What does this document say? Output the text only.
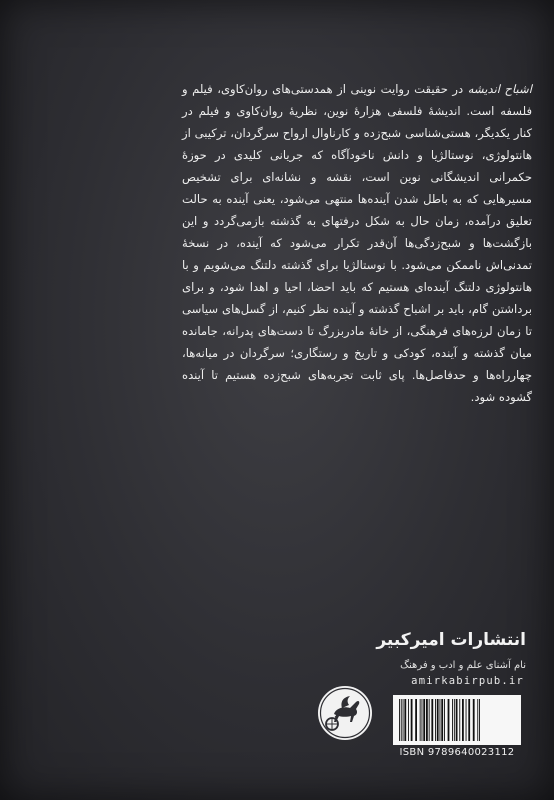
اشباح اندیشه در حقیقت روایت نوینی از همدستی‌های روان‌کاوی، فیلم و فلسفه است. اندیشهٔ فلسفی هزارهٔ نوین، نظریهٔ روان‌کاوی و فیلم در کنار یکدیگر، هستی‌شناسی شبح‌زده و کارناوال ارواح سرگردان، ترکیبی از هانتولوژی، نوستالژیا و دانش ناخودآگاه که جریانی کلیدی در حوزهٔ حکمرانی اندیشگانی نوین است، نقشه و نشانه‌ای برای تشخیص مسیرهایی که به باطل شدن آینده‌ها منتهی می‌شود، یعنی آینده به حالت تعلیق درآمده، زمان حال به شکل درفتهای به گذشته بازمی‌گردد و این بازگشت‌ها و شبح‌زدگی‌ها آن‌قدر تکرار می‌شود که آینده، در نسخهٔ تمدنی‌اش ناممکن می‌شود. با نوستالژیا برای گذشته دلتنگ می‌شویم و با هانتولوژی دلتنگ آینده‌ای هستیم که باید احضا، احیا و اهدا شود، و برای برداشتن گام، باید بر اشباح گذشته و آینده نظر کنیم، از گسل‌های سیاسی تا زمان لرزه‌های فرهنگی، از خانهٔ مادربزرگ تا دست‌های پدرانه، جامانده میان گذشته و آینده، کودکی و تاریخ و رستگاری؛ سرگردان در میانه‌ها، چهارراه‌ها و حدفاصل‌ها. پای ثابت تجربه‌های شبح‌زده هستیم تا آینده گشوده شود.
انتشارات امیرکبیر
نام آشنای علم و ادب و فرهنگ
amirkabirpub.ir
ISBN 9789640023112
